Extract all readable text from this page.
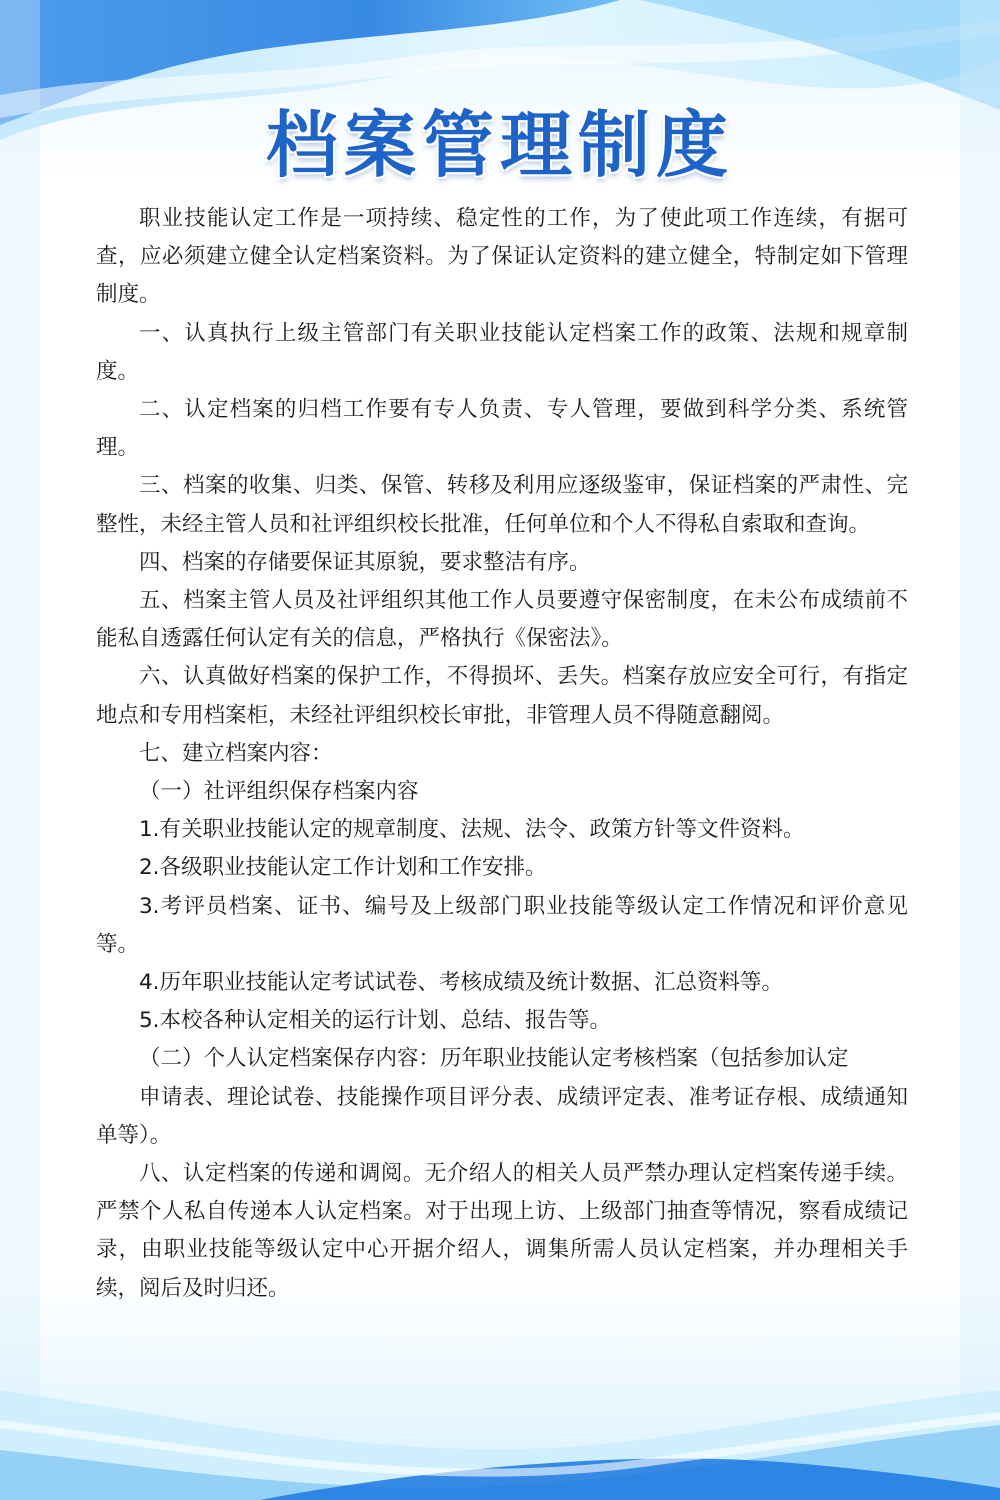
档案管理制度

职业技能认定工作是一项持续、稳定性的工作，为了使此项工作连续，有据可查，应必须建立健全认定档案资料。为了保证认定资料的建立健全，特制定如下管理制度。

一、认真执行上级主管部门有关职业技能认定档案工作的政策、法规和规章制度。

二、认定档案的归档工作要有专人负责、专人管理，要做到科学分类、系统管理。

三、档案的收集、归类、保管、转移及利用应逐级鉴审，保证档案的严肃性、完整性，未经主管人员和社评组织校长批准，任何单位和个人不得私自索取和查询。

四、档案的存储要保证其原貌，要求整洁有序。

五、档案主管人员及社评组织其他工作人员要遵守保密制度，在未公布成绩前不能私自透露任何认定有关的信息，严格执行《保密法》。

六、认真做好档案的保护工作，不得损坏、丢失。档案存放应安全可行，有指定地点和专用档案柜，未经社评组织校长审批，非管理人员不得随意翻阅。

七、建立档案内容：

（一）社评组织保存档案内容

1.有关职业技能认定的规章制度、法规、法令、政策方针等文件资料。

2.各级职业技能认定工作计划和工作安排。

3.考评员档案、证书、编号及上级部门职业技能等级认定工作情况和评价意见等。

4.历年职业技能认定考试试卷、考核成绩及统计数据、汇总资料等。

5.本校各种认定相关的运行计划、总结、报告等。

（二）个人认定档案保存内容：历年职业技能认定考核档案（包括参加认定

申请表、理论试卷、技能操作项目评分表、成绩评定表、准考证存根、成绩通知单等）。

八、认定档案的传递和调阅。无介绍人的相关人员严禁办理认定档案传递手续。严禁个人私自传递本人认定档案。对于出现上访、上级部门抽查等情况，察看成绩记录，由职业技能等级认定中心开据介绍人，调集所需人员认定档案，并办理相关手续，阅后及时归还。
